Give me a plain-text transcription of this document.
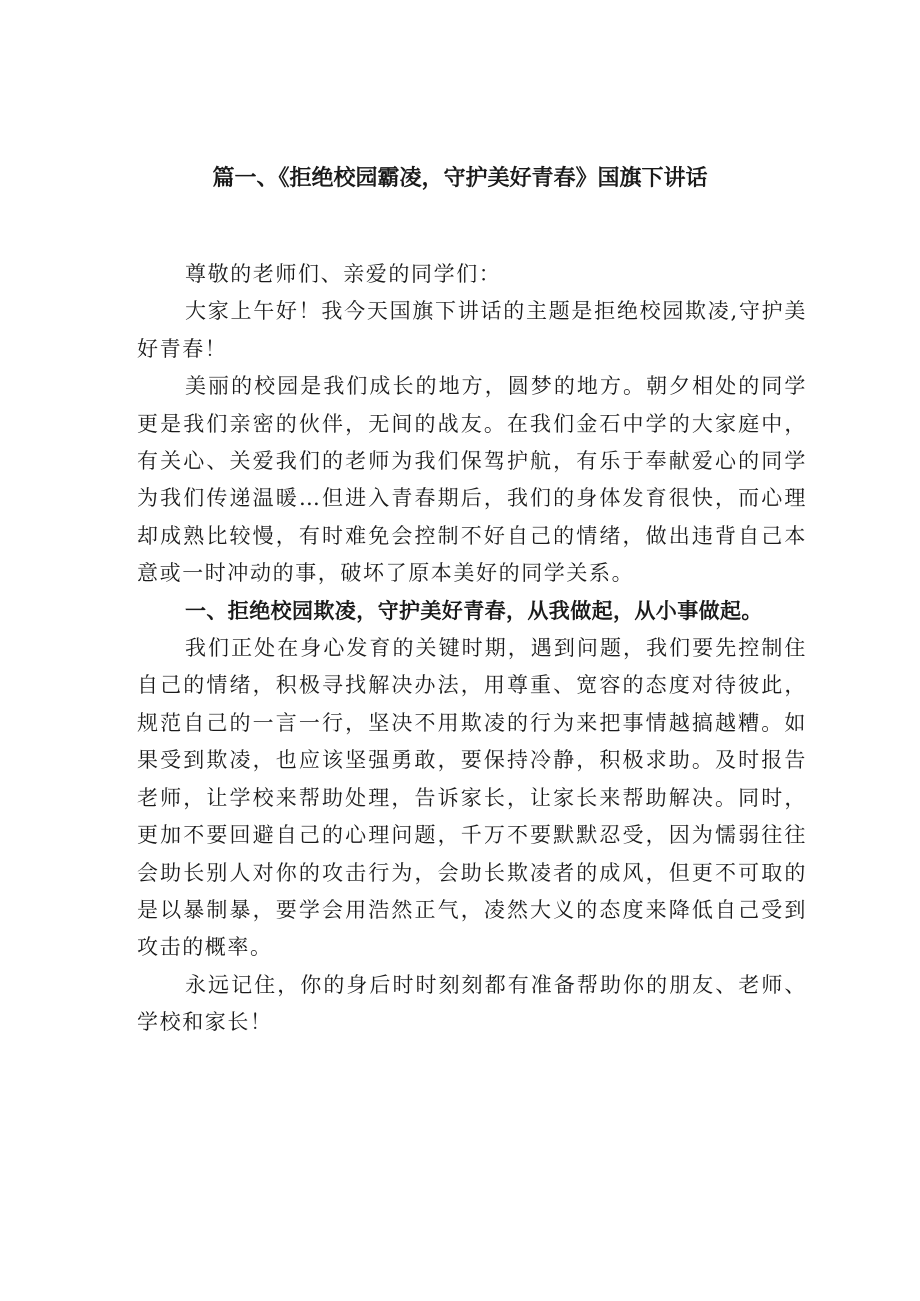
篇一、《拒绝校园霸凌，守护美好青春》国旗下讲话

尊敬的老师们、亲爱的同学们：

大家上午好！我今天国旗下讲话的主题是拒绝校园欺凌,守护美好青春！

美丽的校园是我们成长的地方，圆梦的地方。朝夕相处的同学更是我们亲密的伙伴，无间的战友。在我们金石中学的大家庭中，有关心、关爱我们的老师为我们保驾护航，有乐于奉献爱心的同学为我们传递温暖…但进入青春期后，我们的身体发育很快，而心理却成熟比较慢，有时难免会控制不好自己的情绪，做出违背自己本意或一时冲动的事，破坏了原本美好的同学关系。

一、拒绝校园欺凌，守护美好青春，从我做起，从小事做起。

我们正处在身心发育的关键时期，遇到问题，我们要先控制住自己的情绪，积极寻找解决办法，用尊重、宽容的态度对待彼此，规范自己的一言一行，坚决不用欺凌的行为来把事情越搞越糟。如果受到欺凌，也应该坚强勇敢，要保持冷静，积极求助。及时报告老师，让学校来帮助处理，告诉家长，让家长来帮助解决。同时，更加不要回避自己的心理问题，千万不要默默忍受，因为懦弱往往会助长别人对你的攻击行为，会助长欺凌者的成风，但更不可取的是以暴制暴，要学会用浩然正气，凌然大义的态度来降低自己受到攻击的概率。

永远记住，你的身后时时刻刻都有准备帮助你的朋友、老师、学校和家长！
